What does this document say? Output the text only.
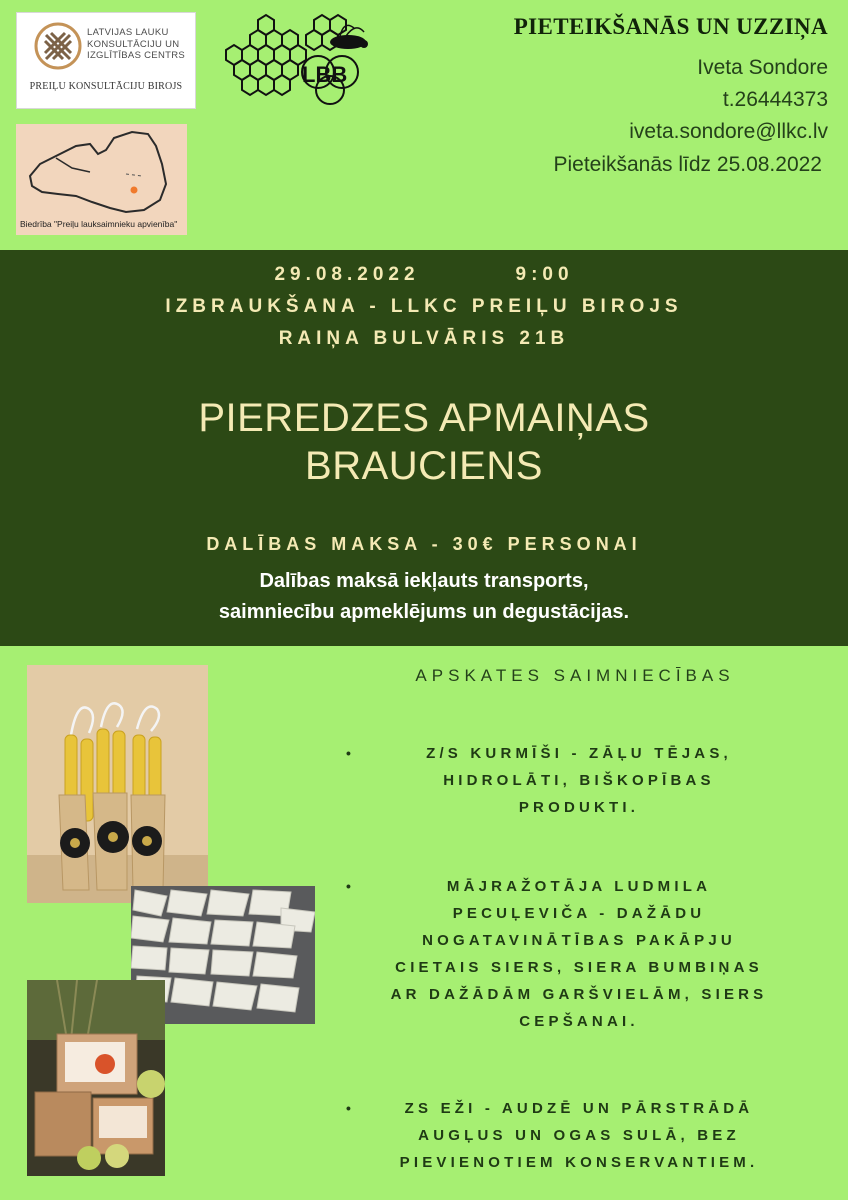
LATVIJAS LAUKU KONSULTĀCIJU UN IZGLĪTĪBAS CENTRS
PREIĻU KONSULTĀCIJU BIROJS	LBB
Biedrība "Preiļu lauksaimnieku apvienība"
PIETEIKŠANĀS UN UZZIŅA
Iveta Sondore
t.26444373
iveta.sondore@llkc.lv
Pieteikšanās līdz 25.08.2022
29.08.2022	9:00
IZBRAUKŠANA - LLKC PREIĻU BIROJS
RAIŅA BULVĀRIS 21B
PIEREDZES APMAIŅAS
BRAUCIENS
DALĪBAS MAKSA - 30€ PERSONAI
Dalības maksā iekļauts transports,
saimniecību apmeklējums un degustācijas.
APSKATES SAIMNIECĪBAS
•	Z/S KURMĪŠI - ZĀĻU TĒJAS,
HIDROLĀTI, BIŠKOPĪBAS
PRODUKTI.
•	MĀJRAŽOTĀJA LUDMILA
PECUĻEVIČA - DAŽĀDU
NOGATAVINĀTĪBAS PAKĀPJU
CIETAIS SIERS, SIERA BUMBIŅAS
AR DAŽĀDĀM GARŠVIELĀM, SIERS
CEPŠANAI.
•	ZS EŽI - AUDZĒ UN PĀRSTRĀDĀ
AUGĻUS UN OGAS SULĀ, BEZ
PIEVIENOTIEM KONSERVANTIEM.
